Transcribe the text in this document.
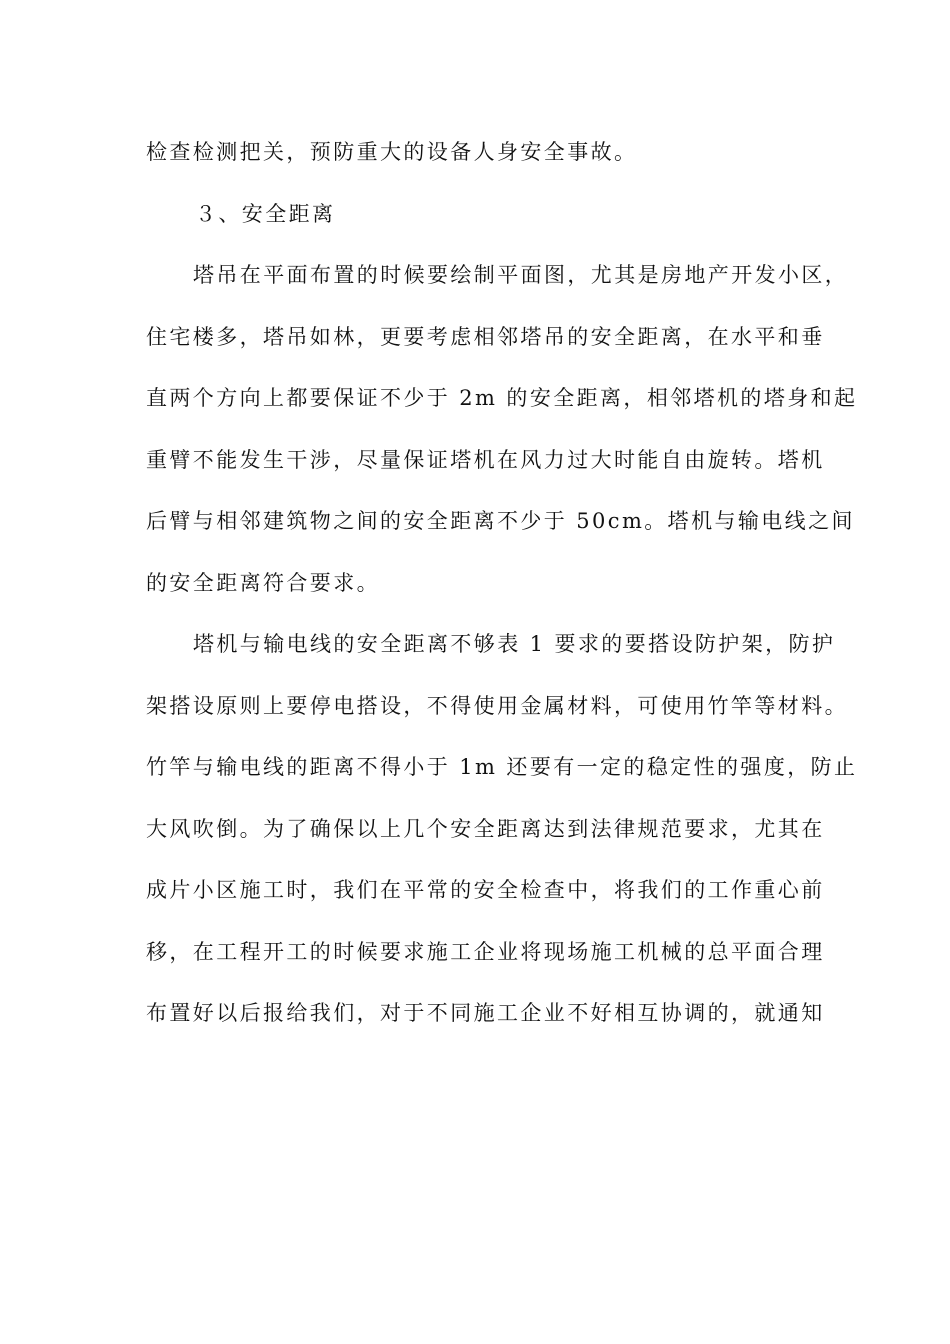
检查检测把关，预防重大的设备人身安全事故。
３、安全距离
塔吊在平面布置的时候要绘制平面图，尤其是房地产开发小区，
住宅楼多，塔吊如林，更要考虑相邻塔吊的安全距离，在水平和垂
直两个方向上都要保证不少于 2m 的安全距离，相邻塔机的塔身和起
重臂不能发生干涉，尽量保证塔机在风力过大时能自由旋转。塔机
后臂与相邻建筑物之间的安全距离不少于 50cm。塔机与输电线之间
的安全距离符合要求。
塔机与输电线的安全距离不够表 1 要求的要搭设防护架，防护
架搭设原则上要停电搭设，不得使用金属材料，可使用竹竿等材料。
竹竿与输电线的距离不得小于 1m 还要有一定的稳定性的强度，防止
大风吹倒。为了确保以上几个安全距离达到法律规范要求，尤其在
成片小区施工时，我们在平常的安全检查中，将我们的工作重心前
移，在工程开工的时候要求施工企业将现场施工机械的总平面合理
布置好以后报给我们，对于不同施工企业不好相互协调的，就通知
